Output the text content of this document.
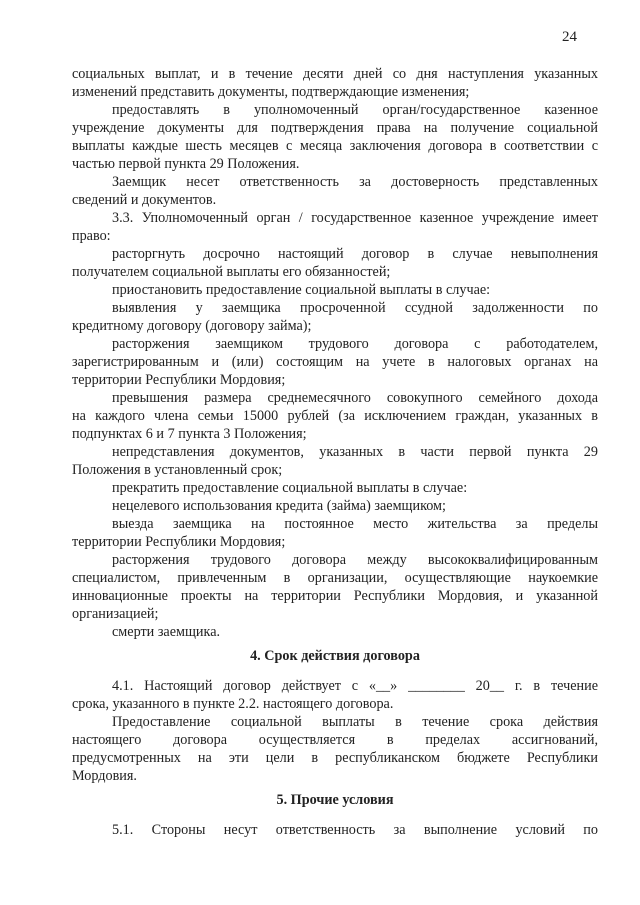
24
социальных выплат, и в течение десяти дней со дня наступления указанных
изменений представить документы, подтверждающие изменения;
предоставлять в уполномоченный орган/государственное казенное
учреждение документы для подтверждения права на получение социальной
выплаты каждые шесть месяцев с месяца заключения договора в соответствии с
частью первой пункта 29 Положения.
Заемщик несет ответственность за достоверность представленных
сведений и документов.
3.3. Уполномоченный орган / государственное казенное учреждение имеет
право:
расторгнуть досрочно настоящий договор в случае невыполнения
получателем социальной выплаты его обязанностей;
приостановить предоставление социальной выплаты в случае:
выявления у заемщика просроченной ссудной задолженности по
кредитному договору (договору займа);
расторжения заемщиком трудового договора с работодателем,
зарегистрированным и (или) состоящим на учете в налоговых органах на
территории Республики Мордовия;
превышения размера среднемесячного совокупного семейного дохода
на каждого члена семьи 15000 рублей (за исключением граждан, указанных в
подпунктах 6 и 7 пункта 3 Положения;
непредставления документов, указанных в части первой пункта 29
Положения в установленный срок;
прекратить предоставление социальной выплаты в случае:
нецелевого использования кредита (займа) заемщиком;
выезда заемщика на постоянное место жительства за пределы
территории Республики Мордовия;
расторжения трудового договора между высококвалифицированным
специалистом, привлеченным в организации, осуществляющие наукоемкие
инновационные проекты на территории Республики Мордовия, и указанной
организацией;
смерти заемщика.
4. Срок действия договора
4.1. Настоящий договор действует с «__» ________ 20__ г. в течение
срока, указанного в пункте 2.2. настоящего договора.
Предоставление социальной выплаты в течение срока действия
настоящего договора осуществляется в пределах ассигнований,
предусмотренных на эти цели в республиканском бюджете Республики
Мордовия.
5. Прочие условия
5.1. Стороны несут ответственность за выполнение условий по
